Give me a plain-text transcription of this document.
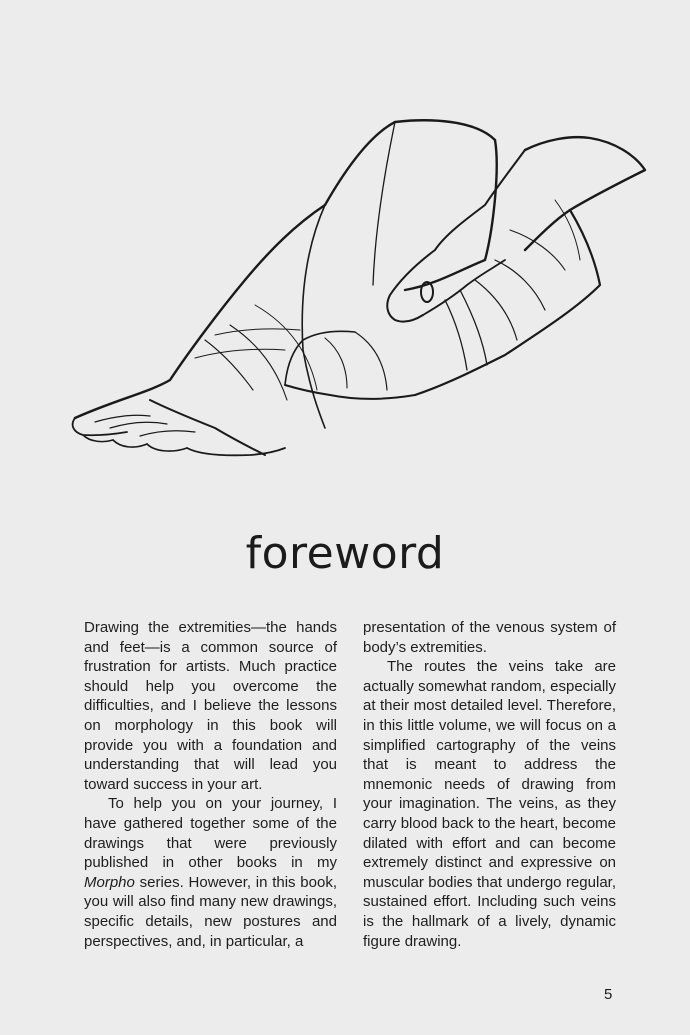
foreword

Drawing the extremities—the hands and feet—is a common source of frustration for artists. Much practice should help you overcome the difficulties, and I believe the lessons on morphology in this book will provide you with a foundation and understanding that will lead you toward success in your art.

To help you on your journey, I have gathered together some of the drawings that were previously published in other books in my Morpho series. However, in this book, you will also find many new drawings, specific details, new postures and perspectives, and, in particular, a

presentation of the venous system of body’s extremities.

The routes the veins take are actually somewhat random, especially at their most detailed level. Therefore, in this little volume, we will focus on a simplified cartography of the veins that is meant to address the mnemonic needs of drawing from your imagination. The veins, as they carry blood back to the heart, become dilated with effort and can become extremely distinct and expressive on muscular bodies that undergo regular, sustained effort. Including such veins is the hallmark of a lively, dynamic figure drawing.

5
